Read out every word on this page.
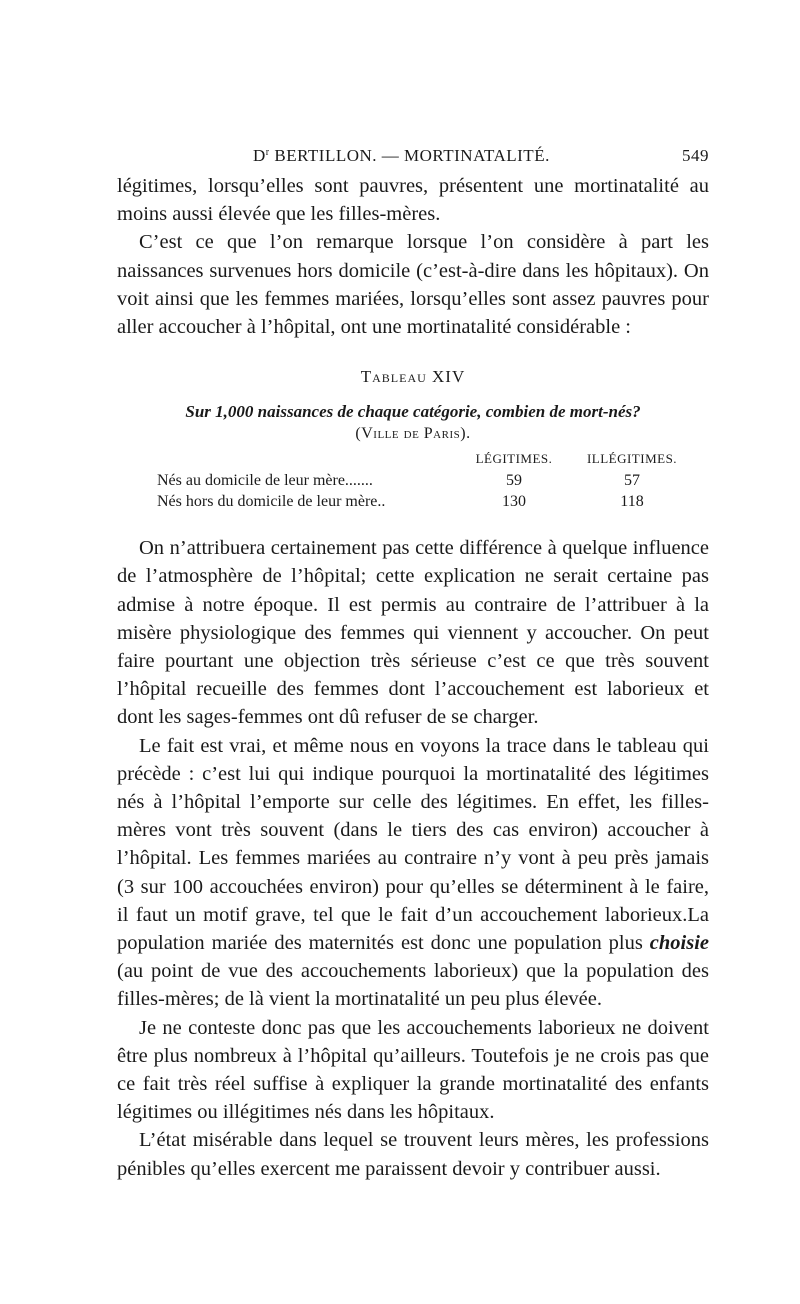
$D^r$ BERTILLON. — MORTINATALITÉ.	549

légitimes, lorsqu’elles sont pauvres, présentent une mortinatalité au moins aussi élevée que les filles-mères.

C’est ce que l’on remarque lorsque l’on considère à part les naissances survenues hors domicile (c’est-à-dire dans les hôpitaux). On voit ainsi que les femmes mariées, lorsqu’elles sont assez pauvres pour aller accoucher à l’hôpital, ont une mortinatalité considérable :

Tableau XIV
Sur 1,000 naissances de chaque catégorie, combien de mort-nés?
(Ville de Paris).
	LÉGITIMES.	ILLÉGITIMES.
Nés au domicile de leur mère.......	59	57
Nés hors du domicile de leur mère..	130	118

On n’attribuera certainement pas cette différence à quelque influence de l’atmosphère de l’hôpital; cette explication ne serait certaine pas admise à notre époque. Il est permis au contraire de l’attribuer à la misère physiologique des femmes qui viennent y accoucher. On peut faire pourtant une objection très sérieuse c’est ce que très souvent l’hôpital recueille des femmes dont l’accouchement est laborieux et dont les sages-femmes ont dû refuser de se charger.

Le fait est vrai, et même nous en voyons la trace dans le tableau qui précède : c’est lui qui indique pourquoi la mortinatalité des légitimes nés à l’hôpital l’emporte sur celle des légitimes. En effet, les filles-mères vont très souvent (dans le tiers des cas environ) accoucher à l’hôpital. Les femmes mariées au contraire n’y vont à peu près jamais (3 sur 100 accouchées environ) pour qu’elles se déterminent à le faire, il faut un motif grave, tel que le fait d’un accouchement laborieux.La population mariée des maternités est donc une population plus choisie (au point de vue des accouchements laborieux) que la population des filles-mères; de là vient la mortinatalité un peu plus élevée.

Je ne conteste donc pas que les accouchements laborieux ne doivent être plus nombreux à l’hôpital qu’ailleurs. Toutefois je ne crois pas que ce fait très réel suffise à expliquer la grande mortinatalité des enfants légitimes ou illégitimes nés dans les hôpitaux.

L’état misérable dans lequel se trouvent leurs mères, les professions pénibles qu’elles exercent me paraissent devoir y contribuer aussi.
